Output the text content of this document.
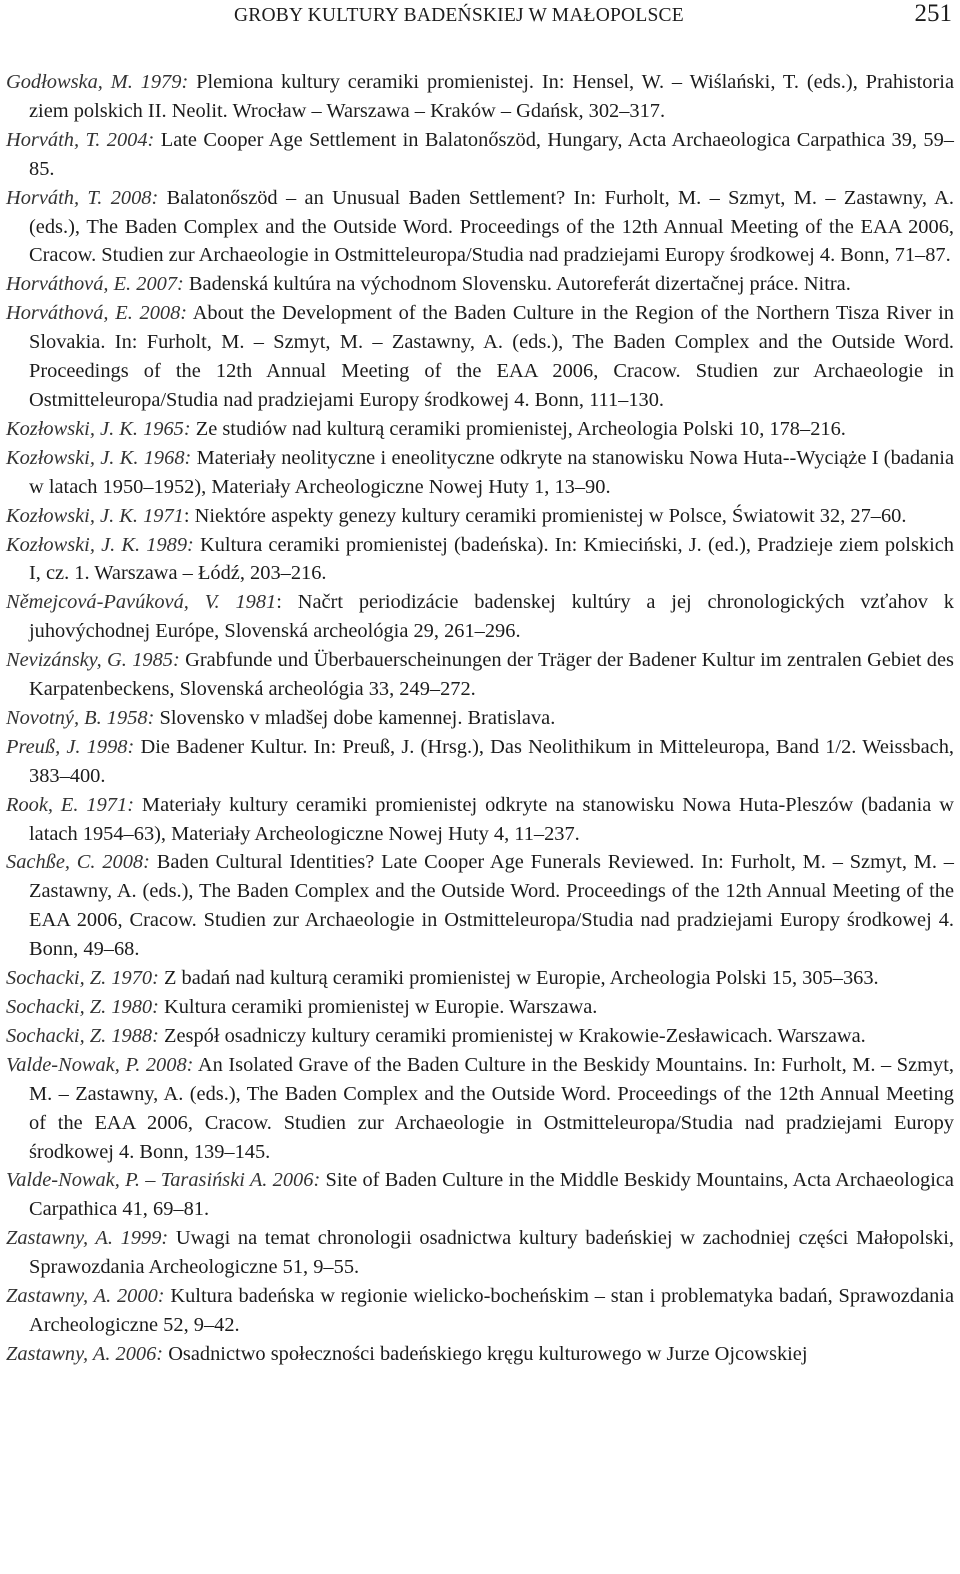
GROBY KULTURY BADEŃSKIEJ W MAŁOPOLSCE	251

Godłowska, M. 1979: Plemiona kultury ceramiki promienistej. In: Hensel, W. – Wiślański, T. (eds.), Prahistoria ziem polskich II. Neolit. Wrocław – Warszawa – Kraków – Gdańsk, 302–317.

Horváth, T. 2004: Late Cooper Age Settlement in Balatonőszöd, Hungary, Acta Archaeologica Carpathica 39, 59–85.

Horváth, T. 2008: Balatonőszöd – an Unusual Baden Settlement? In: Furholt, M. – Szmyt, M. – Zastawny, A. (eds.), The Baden Complex and the Outside Word. Proceedings of the 12th Annual Meeting of the EAA 2006, Cracow. Studien zur Archaeologie in Ostmitteleuropa/Studia nad pradziejami Europy środkowej 4. Bonn, 71–87.

Horváthová, E. 2007: Badenská kultúra na východnom Slovensku. Autoreferát dizertačnej práce. Nitra.

Horváthová, E. 2008: About the Development of the Baden Culture in the Region of the Northern Tisza River in Slovakia. In: Furholt, M. – Szmyt, M. – Zastawny, A. (eds.), The Baden Complex and the Outside Word. Proceedings of the 12th Annual Meeting of the EAA 2006, Cracow. Studien zur Archaeologie in Ostmitteleuropa/Studia nad pradziejami Europy środkowej 4. Bonn, 111–130.

Kozłowski, J. K. 1965: Ze studiów nad kulturą ceramiki promienistej, Archeologia Polski 10, 178–216.

Kozłowski, J. K. 1968: Materiały neolityczne i eneolityczne odkryte na stanowisku Nowa Huta--Wyciąże I (badania w latach 1950–1952), Materiały Archeologiczne Nowej Huty 1, 13–90.

Kozłowski, J. K. 1971: Niektóre aspekty genezy kultury ceramiki promienistej w Polsce, Światowit 32, 27–60.

Kozłowski, J. K. 1989: Kultura ceramiki promienistej (badeńska). In: Kmieciński, J. (ed.), Pradzieje ziem polskich I, cz. 1. Warszawa – Łódź, 203–216.

Němejcová-Pavúková, V. 1981: Načrt periodizácie badenskej kultúry a jej chronologických vzťahov k juhovýchodnej Európe, Slovenská archeológia 29, 261–296.

Nevizánsky, G. 1985: Grabfunde und Überbauerscheinungen der Träger der Badener Kultur im zentralen Gebiet des Karpatenbeckens, Slovenská archeológia 33, 249–272.

Novotný, B. 1958: Slovensko v mladšej dobe kamennej. Bratislava.

Preuß, J. 1998: Die Badener Kultur. In: Preuß, J. (Hrsg.), Das Neolithikum in Mitteleuropa, Band 1/2. Weissbach, 383–400.

Rook, E. 1971: Materiały kultury ceramiki promienistej odkryte na stanowisku Nowa Huta-Pleszów (badania w latach 1954–63), Materiały Archeologiczne Nowej Huty 4, 11–237.

Sachße, C. 2008: Baden Cultural Identities? Late Cooper Age Funerals Reviewed. In: Furholt, M. – Szmyt, M. – Zastawny, A. (eds.), The Baden Complex and the Outside Word. Proceedings of the 12th Annual Meeting of the EAA 2006, Cracow. Studien zur Archaeologie in Ostmitteleuropa/Studia nad pradziejami Europy środkowej 4. Bonn, 49–68.

Sochacki, Z. 1970: Z badań nad kulturą ceramiki promienistej w Europie, Archeologia Polski 15, 305–363.

Sochacki, Z. 1980: Kultura ceramiki promienistej w Europie. Warszawa.

Sochacki, Z. 1988: Zespół osadniczy kultury ceramiki promienistej w Krakowie-Zesławicach. Warszawa.

Valde-Nowak, P. 2008: An Isolated Grave of the Baden Culture in the Beskidy Mountains. In: Furholt, M. – Szmyt, M. – Zastawny, A. (eds.), The Baden Complex and the Outside Word. Proceedings of the 12th Annual Meeting of the EAA 2006, Cracow. Studien zur Archaeologie in Ostmitteleuropa/Studia nad pradziejami Europy środkowej 4. Bonn, 139–145.

Valde-Nowak, P. – Tarasiński A. 2006: Site of Baden Culture in the Middle Beskidy Mountains, Acta Archaeologica Carpathica 41, 69–81.

Zastawny, A. 1999: Uwagi na temat chronologii osadnictwa kultury badeńskiej w zachodniej części Małopolski, Sprawozdania Archeologiczne 51, 9–55.

Zastawny, A. 2000: Kultura badeńska w regionie wielicko-bocheńskim – stan i problematyka badań, Sprawozdania Archeologiczne 52, 9–42.

Zastawny, A. 2006: Osadnictwo społeczności badeńskiego kręgu kulturowego w Jurze Ojcowskiej
